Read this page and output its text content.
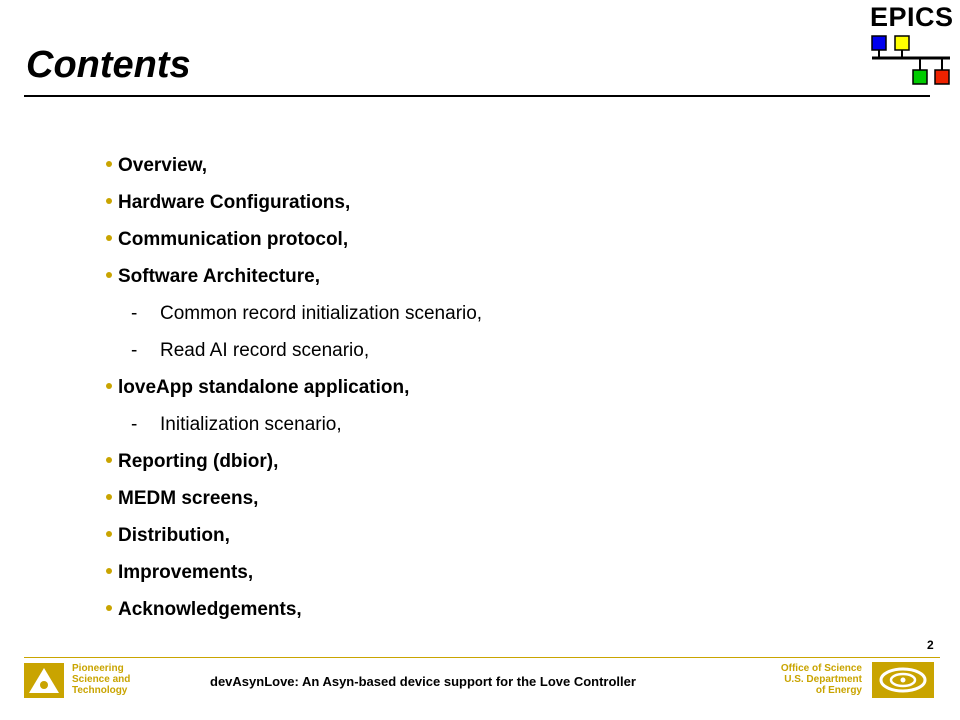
Contents
EPICS
Overview,
Hardware Configurations,
Communication protocol,
Software Architecture,
- Common record initialization scenario,
- Read AI record scenario,
loveApp standalone application,
- Initialization scenario,
Reporting (dbior),
MEDM screens,
Distribution,
Improvements,
Acknowledgements,
2
Pioneering
Science and
Technology
devAsynLove: An Asyn-based device support for the Love Controller
Office of Science
U.S. Department
of Energy
